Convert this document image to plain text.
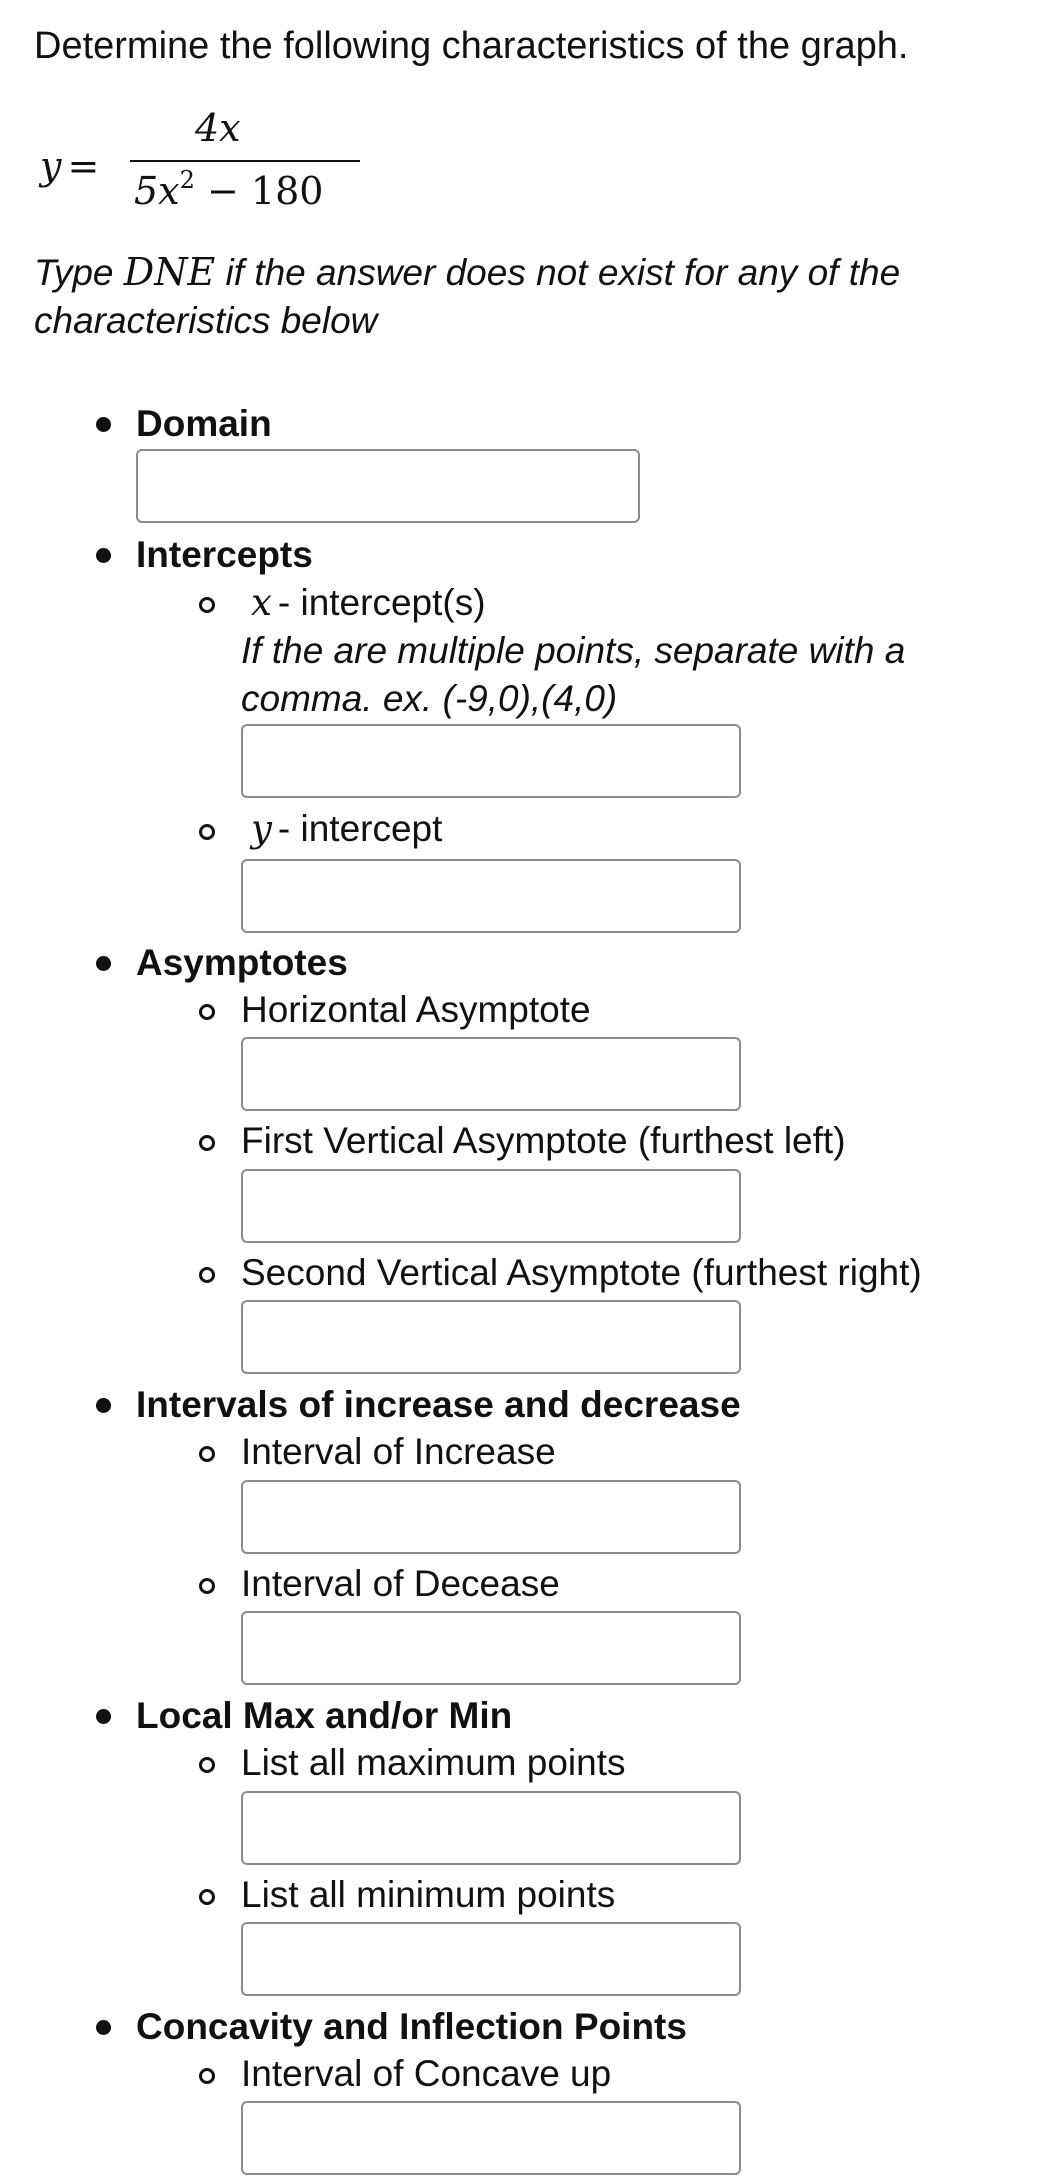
Determine the following characteristics of the graph.

y =
4x
$5x^2 - 180$

Type DNE if the answer does not exist for any of the characteristics below

Domain

Intercepts

x - intercept(s)

If the are multiple points, separate with a comma. ex. (-9,0),(4,0)

y - intercept

Asymptotes

Horizontal Asymptote

First Vertical Asymptote (furthest left)

Second Vertical Asymptote (furthest right)

Intervals of increase and decrease

Interval of Increase

Interval of Decease

Local Max and/or Min

List all maximum points

List all minimum points

Concavity and Inflection Points

Interval of Concave up
